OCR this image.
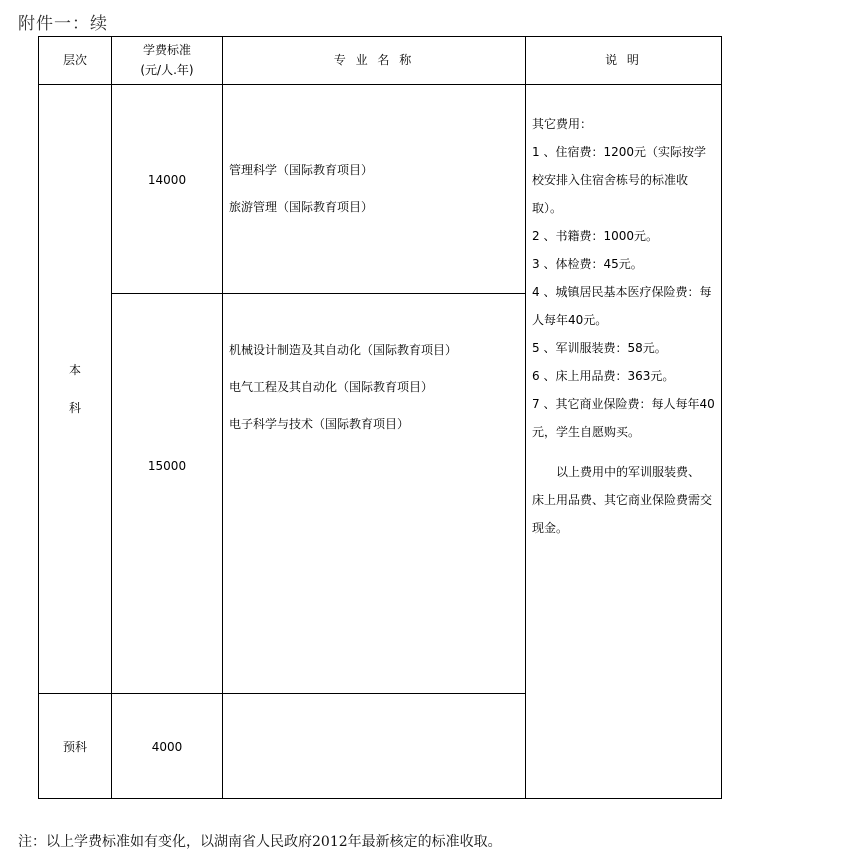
附件一：续
层次
学费标准
(元/人.年)
专 业 名 称	说 明
本
科
14000
管理科学（国际教育项目）
旅游管理（国际教育项目）
15000
机械设计制造及其自动化（国际教育项目）
电气工程及其自动化（国际教育项目）
电子科学与技术（国际教育项目）
预科	4000
其它费用：
1 、住宿费：1200元（实际按学
校安排入住宿舍栋号的标准收
取）。
2 、书籍费：1000元。
3 、体检费：45元。
4 、城镇居民基本医疗保险费：每
人每年40元。
5 、军训服装费：58元。
6 、床上用品费：363元。
7 、其它商业保险费：每人每年40
元，学生自愿购买。
以上费用中的军训服装费、
床上用品费、其它商业保险费需交
现金。
注：以上学费标准如有变化，以湖南省人民政府2012年最新核定的标准收取。
